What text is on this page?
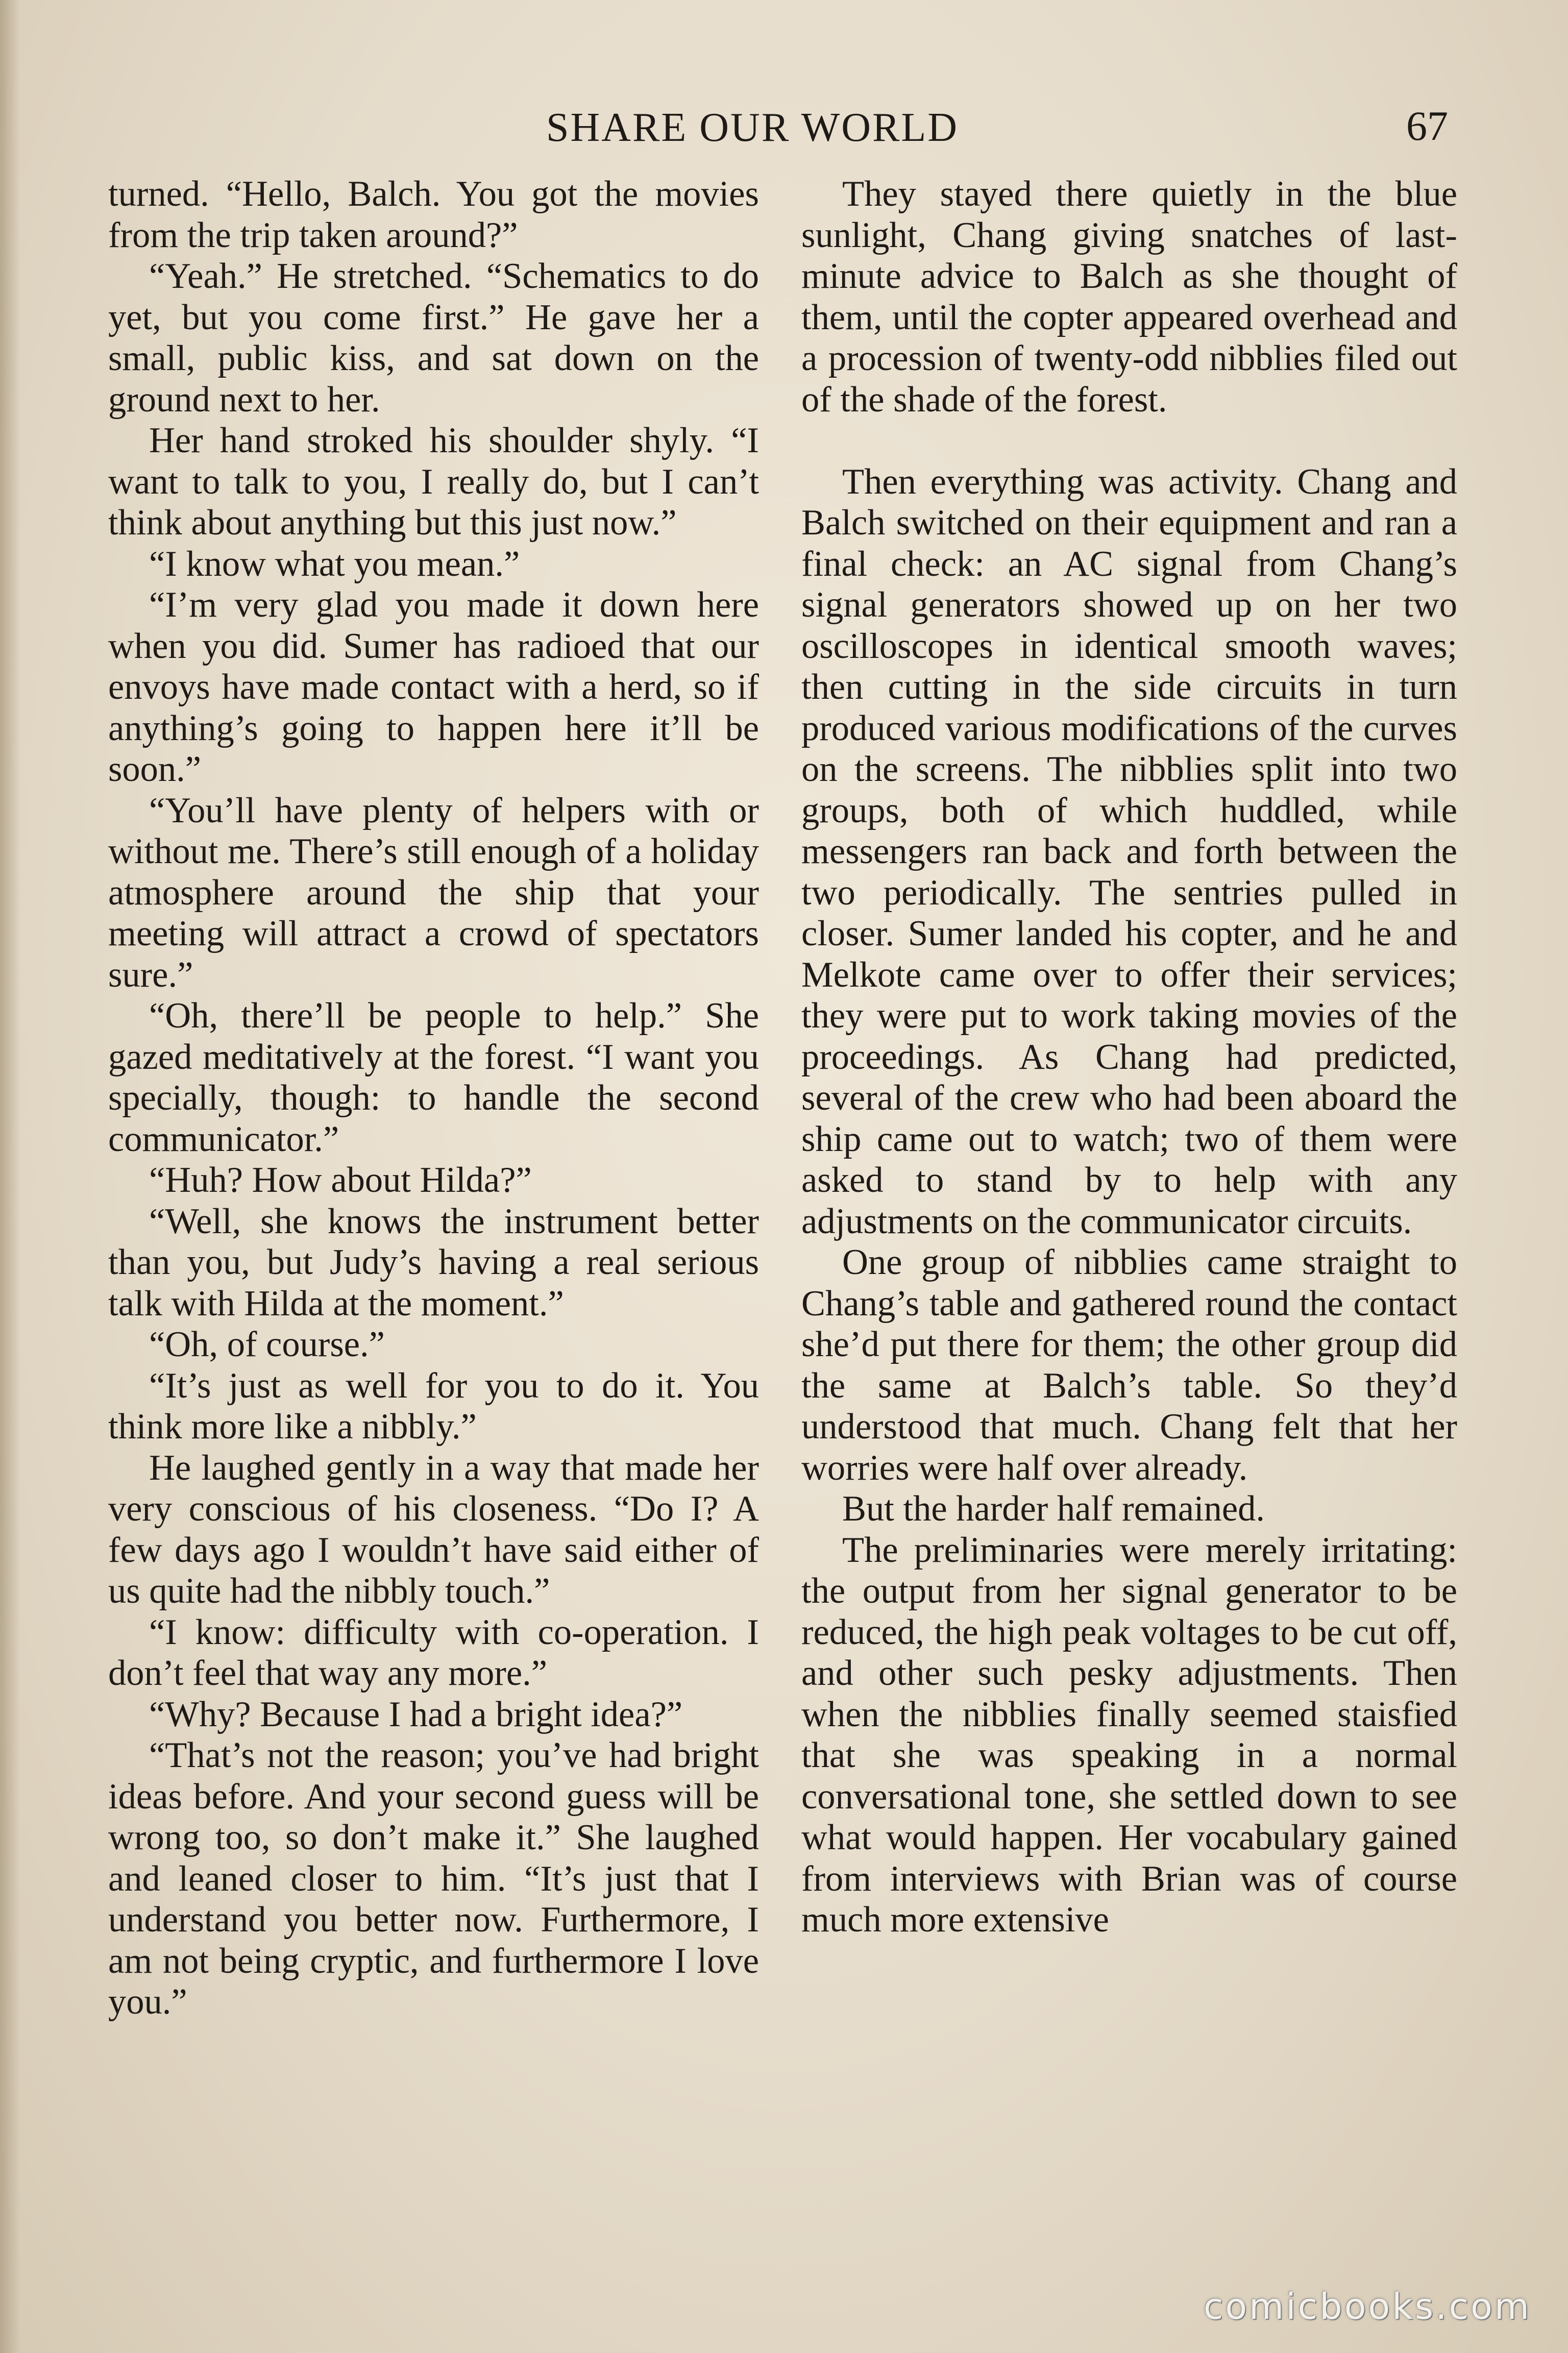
SHARE OUR WORLD	67

turned. “Hello, Balch. You got the movies from the trip taken around?”

“Yeah.” He stretched. “Schematics to do yet, but you come first.” He gave her a small, public kiss, and sat down on the ground next to her.

Her hand stroked his shoulder shyly. “I want to talk to you, I really do, but I can’t think about anything but this just now.”

“I know what you mean.”

“I’m very glad you made it down here when you did. Sumer has radioed that our envoys have made contact with a herd, so if anything’s going to happen here it’ll be soon.”

“You’ll have plenty of helpers with or without me. There’s still enough of a holiday atmosphere around the ship that your meeting will attract a crowd of spectators sure.”

“Oh, there’ll be people to help.” She gazed meditatively at the forest. “I want you specially, though: to handle the second communicator.”

“Huh? How about Hilda?”

“Well, she knows the instrument better than you, but Judy’s having a real serious talk with Hilda at the moment.”

“Oh, of course.”

“It’s just as well for you to do it. You think more like a nibbly.”

He laughed gently in a way that made her very conscious of his closeness. “Do I? A few days ago I wouldn’t have said either of us quite had the nibbly touch.”

“I know: difficulty with co-operation. I don’t feel that way any more.”

“Why? Because I had a bright idea?”

“That’s not the reason; you’ve had bright ideas before. And your second guess will be wrong too, so don’t make it.” She laughed and leaned closer to him. “It’s just that I understand you better now. Furthermore, I am not being cryptic, and furthermore I love you.”

They stayed there quietly in the blue sunlight, Chang giving snatches of last-minute advice to Balch as she thought of them, until the copter appeared overhead and a procession of twenty-odd nibblies filed out of the shade of the forest.

Then everything was activity. Chang and Balch switched on their equipment and ran a final check: an AC signal from Chang’s signal generators showed up on her two oscilloscopes in identical smooth waves; then cutting in the side circuits in turn produced various modifications of the curves on the screens. The nibblies split into two groups, both of which huddled, while messengers ran back and forth between the two periodically. The sentries pulled in closer. Sumer landed his copter, and he and Melkote came over to offer their services; they were put to work taking movies of the proceedings. As Chang had predicted, several of the crew who had been aboard the ship came out to watch; two of them were asked to stand by to help with any adjustments on the communicator circuits.

One group of nibblies came straight to Chang’s table and gathered round the contact she’d put there for them; the other group did the same at Balch’s table. So they’d understood that much. Chang felt that her worries were half over already.

But the harder half remained.

The preliminaries were merely irritating: the output from her signal generator to be reduced, the high peak voltages to be cut off, and other such pesky adjustments. Then when the nibblies finally seemed staisfied that she was speaking in a normal conversational tone, she settled down to see what would happen. Her vocabulary gained from interviews with Brian was of course much more extensive

comicbooks.com
